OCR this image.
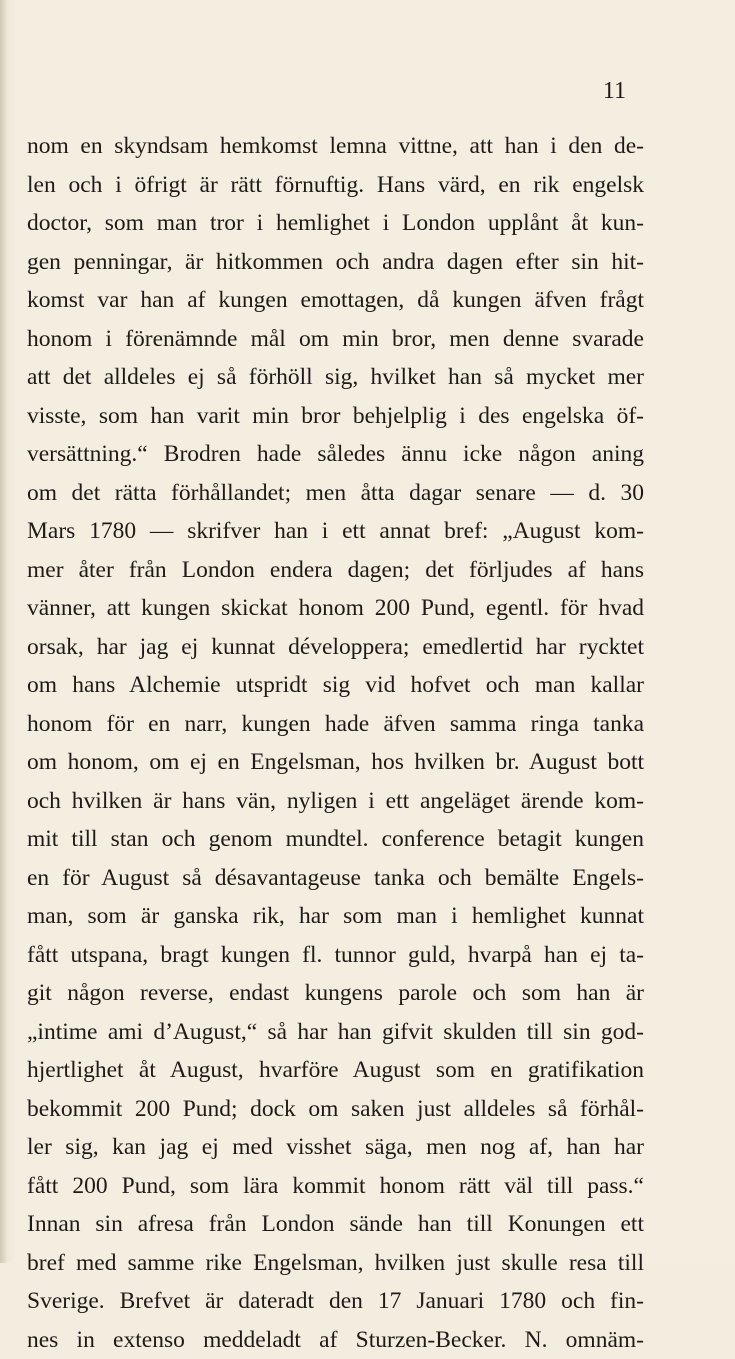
11
nom en skyndsam hemkomst lemna vittne, att han i den de-
len och i öfrigt är rätt förnuftig. Hans värd, en rik engelsk
doctor, som man tror i hemlighet i London upplånt åt kun-
gen penningar, är hitkommen och andra dagen efter sin hit-
komst var han af kungen emottagen, då kungen äfven frågt
honom i förenämnde mål om min bror, men denne svarade
att det alldeles ej så förhöll sig, hvilket han så mycket mer
visste, som han varit min bror behjelplig i des engelska öf-
versättning.“ Brodren hade således ännu icke någon aning
om det rätta förhållandet; men åtta dagar senare — d. 30
Mars 1780 — skrifver han i ett annat bref: „August kom-
mer åter från London endera dagen; det förljudes af hans
vänner, att kungen skickat honom 200 Pund, egentl. för hvad
orsak, har jag ej kunnat développera; emedlertid har rycktet
om hans Alchemie utspridt sig vid hofvet och man kallar
honom för en narr, kungen hade äfven samma ringa tanka
om honom, om ej en Engelsman, hos hvilken br. August bott
och hvilken är hans vän, nyligen i ett angeläget ärende kom-
mit till stan och genom mundtel. conference betagit kungen
en för August så désavantageuse tanka och bemälte Engels-
man, som är ganska rik, har som man i hemlighet kunnat
fått utspana, bragt kungen fl. tunnor guld, hvarpå han ej ta-
git någon reverse, endast kungens parole och som han är
„intime ami d’August,“ så har han gifvit skulden till sin god-
hjertlighet åt August, hvarföre August som en gratifikation
bekommit 200 Pund; dock om saken just alldeles så förhål-
ler sig, kan jag ej med visshet säga, men nog af, han har
fått 200 Pund, som lära kommit honom rätt väl till pass.“
Innan sin afresa från London sände han till Konungen ett
bref med samme rike Engelsman, hvilken just skulle resa till
Sverige. Brefvet är dateradt den 17 Januari 1780 och fin-
nes in extenso meddeladt af Sturzen-Becker. N. omnäm-
